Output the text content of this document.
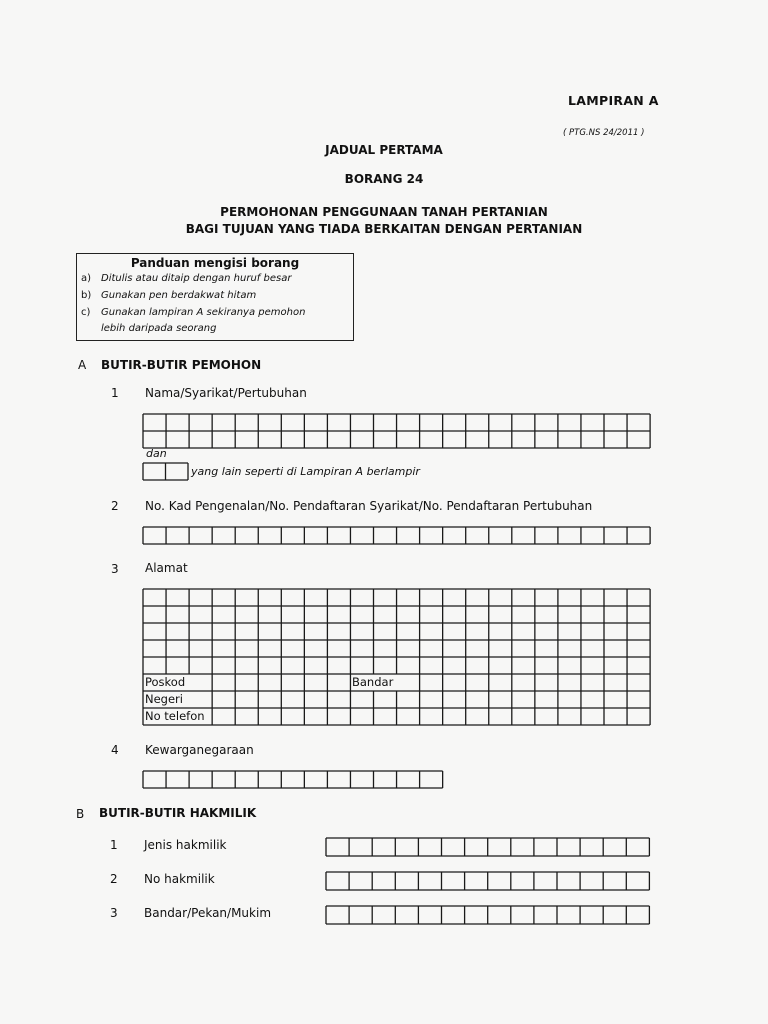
LAMPIRAN A
( PTG.NS 24/2011 )
JADUAL PERTAMA
BORANG 24
PERMOHONAN PENGGUNAAN TANAH PERTANIAN
BAGI TUJUAN YANG TIADA BERKAITAN DENGAN PERTANIAN
Panduan mengisi borang
a) Ditulis atau ditaip dengan huruf besar
b) Gunakan pen berdakwat hitam
c) Gunakan lampiran A sekiranya pemohon
lebih daripada seorang
A BUTIR-BUTIR PEMOHON
1 Nama/Syarikat/Pertubuhan
dan
yang lain seperti di Lampiran A berlampir
2 No. Kad Pengenalan/No. Pendaftaran Syarikat/No. Pendaftaran Pertubuhan
3 Alamat
4 Kewarganegaraan
B BUTIR-BUTIR HAKMILIK
1 Jenis hakmilik
2 No hakmilik
3 Bandar/Pekan/Mukim
Poskod	Bandar
Negeri
No telefon
